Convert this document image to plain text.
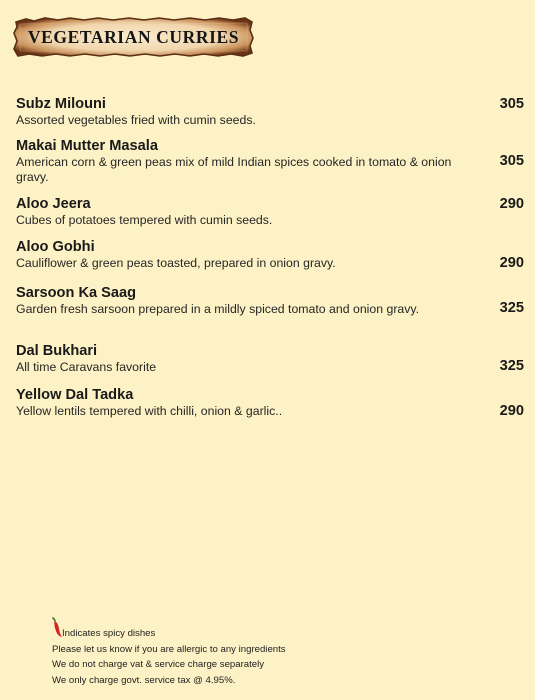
VEGETARIAN CURRIES
Subz Milouni
Assorted vegetables fried with cumin seeds.
305
Makai Mutter Masala
American corn & green peas mix of mild Indian spices cooked in tomato & onion gravy.
305
Aloo Jeera
Cubes of potatoes tempered with cumin seeds.
290
Aloo Gobhi
Cauliflower & green peas toasted, prepared in onion gravy.	290
Sarsoon Ka Saag
Garden fresh sarsoon prepared in a mildly spiced tomato and onion gravy.	325
Dal Bukhari
All time Caravans favorite	325
Yellow Dal Tadka
Yellow lentils tempered with chilli, onion & garlic..	290
Indicates spicy dishes
Please let us know if you are allergic to any ingredients
We do not charge vat & service charge separately
We only charge govt. service tax @ 4.95%.
